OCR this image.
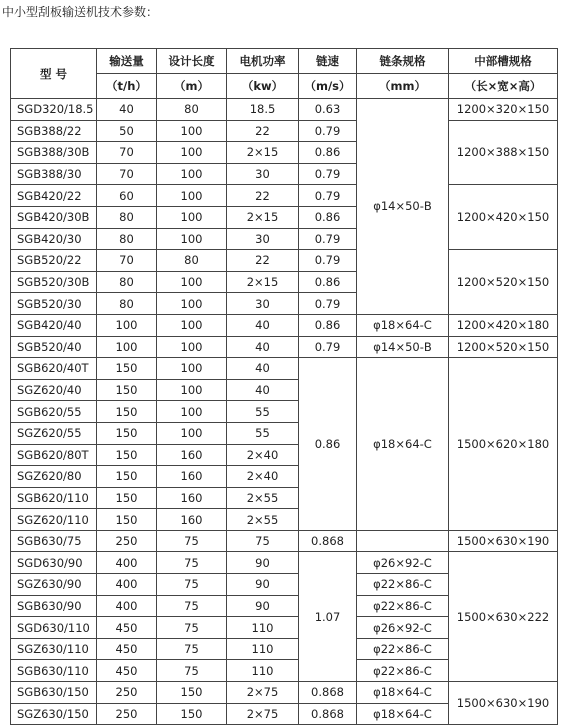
中小型刮板输送机技术参数：
型 号	输送量	设计长度	电机功率	链速	链条规格	中部槽规格
	（t/h）	（m）	（kw）	（m/s）	（mm）	（长×宽×高）
SGD320/18.5	40	80	18.5	0.63	φ14×50-B	1200×320×150
SGB388/22	50	100	22	0.79		1200×388×150
SGB388/30B	70	100	2×15	0.86		
SGB388/30	70	100	30	0.79		
SGB420/22	60	100	22	0.79		1200×420×150
SGB420/30B	80	100	2×15	0.86		
SGB420/30	80	100	30	0.79		
SGB520/22	70	80	22	0.79		1200×520×150
SGB520/30B	80	100	2×15	0.86		
SGB520/30	80	100	30	0.79		
SGB420/40	100	100	40	0.86	φ18×64-C	1200×420×180
SGB520/40	100	100	40	0.79	φ14×50-B	1200×520×150
SGB620/40T	150	100	40	0.86	φ18×64-C	1500×620×180
SGZ620/40	150	100	40			
SGB620/55	150	100	55			
SGZ620/55	150	100	55			
SGB620/80T	150	160	2×40			
SGZ620/80	150	160	2×40			
SGB620/110	150	160	2×55			
SGZ620/110	150	160	2×55			
SGB630/75	250	75	75	0.868		1500×630×190
SGD630/90	400	75	90	1.07	φ26×92-C	1500×630×222
SGZ630/90	400	75	90		φ22×86-C	
SGB630/90	400	75	90		φ22×86-C	
SGD630/110	450	75	110		φ26×92-C	
SGZ630/110	450	75	110		φ22×86-C	
SGB630/110	450	75	110		φ22×86-C	
SGB630/150	250	150	2×75	0.868	φ18×64-C	1500×630×190
SGZ630/150	250	150	2×75	0.868	φ18×64-C	
